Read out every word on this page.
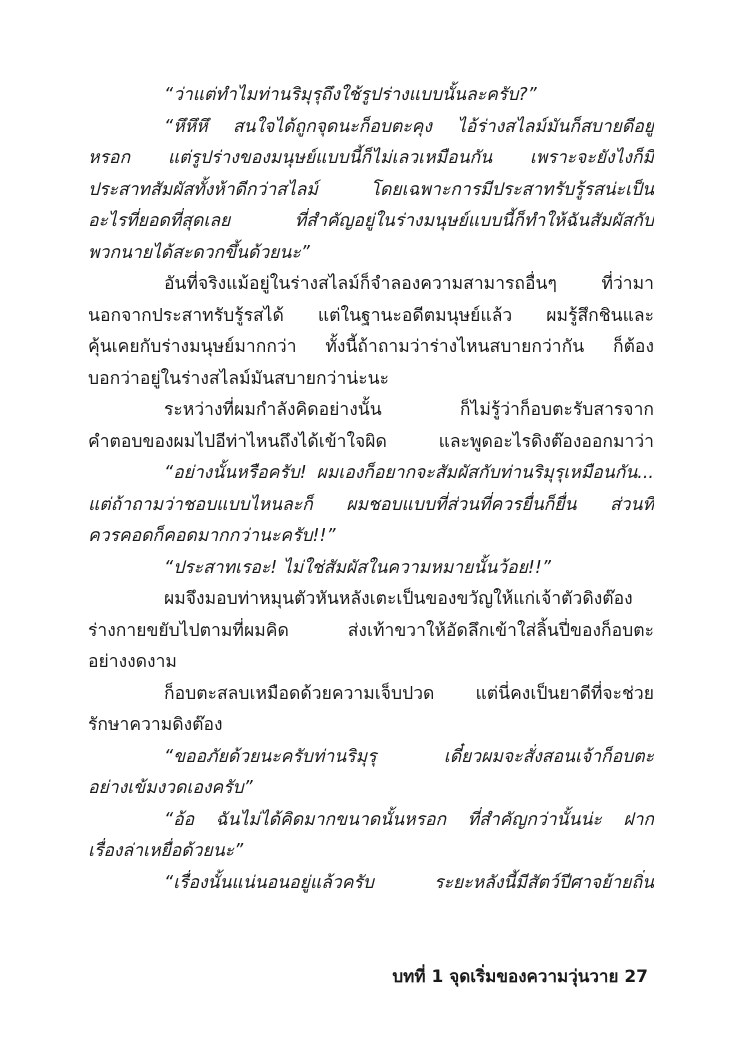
“ว่าแต่ทำไมท่านริมุรุถึงใช้รูปร่างแบบนั้นละครับ?”
“หึหึหึ สนใจได้ถูกจุดนะก็อบตะคุง ไอ้ร่างสไลม์มันก็สบายดีอยู่
หรอก แต่รูปร่างของมนุษย์แบบนี้ก็ไม่เลวเหมือนกัน เพราะจะยังไงก็มี
ประสาทสัมผัสทั้งห้าดีกว่าสไลม์ โดยเฉพาะการมีประสาทรับรู้รสน่ะเป็น
อะไรที่ยอดที่สุดเลย ที่สำคัญอยู่ในร่างมนุษย์แบบนี้ก็ทำให้ฉันสัมผัสกับ
พวกนายได้สะดวกขึ้นด้วยนะ”
อันที่จริงแม้อยู่ในร่างสไลม์ก็จำลองความสามารถอื่นๆ ที่ว่ามา
นอกจากประสาทรับรู้รสได้ แต่ในฐานะอดีตมนุษย์แล้ว ผมรู้สึกชินและ
คุ้นเคยกับร่างมนุษย์มากกว่า ทั้งนี้ถ้าถามว่าร่างไหนสบายกว่ากัน ก็ต้อง
บอกว่าอยู่ในร่างสไลม์มันสบายกว่าน่ะนะ
ระหว่างที่ผมกำลังคิดอย่างนั้น ก็ไม่รู้ว่าก็อบตะรับสารจาก
คำตอบของผมไปอีท่าไหนถึงได้เข้าใจผิด และพูดอะไรดิงต๊องออกมาว่า
“อย่างนั้นหรือครับ! ผมเองก็อยากจะสัมผัสกับท่านริมุรุเหมือนกัน...
แต่ถ้าถามว่าชอบแบบไหนละก็ ผมชอบแบบที่ส่วนที่ควรยื่นก็ยื่น ส่วนที่
ควรคอดก็คอดมากกว่านะครับ!!”
“ประสาทเรอะ! ไม่ใช่สัมผัสในความหมายนั้นว้อย!!”
ผมจึงมอบท่าหมุนตัวหันหลังเตะเป็นของขวัญให้แก่เจ้าตัวดิงต๊อง
ร่างกายขยับไปตามที่ผมคิด ส่งเท้าขวาให้อัดลึกเข้าใส่ลิ้นปี่ของก็อบตะ
อย่างงดงาม
ก็อบตะสลบเหมือดด้วยความเจ็บปวด แต่นี่คงเป็นยาดีที่จะช่วย
รักษาความดิงต๊อง
“ขออภัยด้วยนะครับท่านริมุรุ เดี๋ยวผมจะสั่งสอนเจ้าก็อบตะ
อย่างเข้มงวดเองครับ”
“อ้อ ฉันไม่ได้คิดมากขนาดนั้นหรอก ที่สำคัญกว่านั้นน่ะ ฝาก
เรื่องล่าเหยื่อด้วยนะ”
“เรื่องนั้นแน่นอนอยู่แล้วครับ ระยะหลังนี้มีสัตว์ปีศาจย้ายถิ่น
บทที่ 1 จุดเริ่มของความวุ่นวาย 27
